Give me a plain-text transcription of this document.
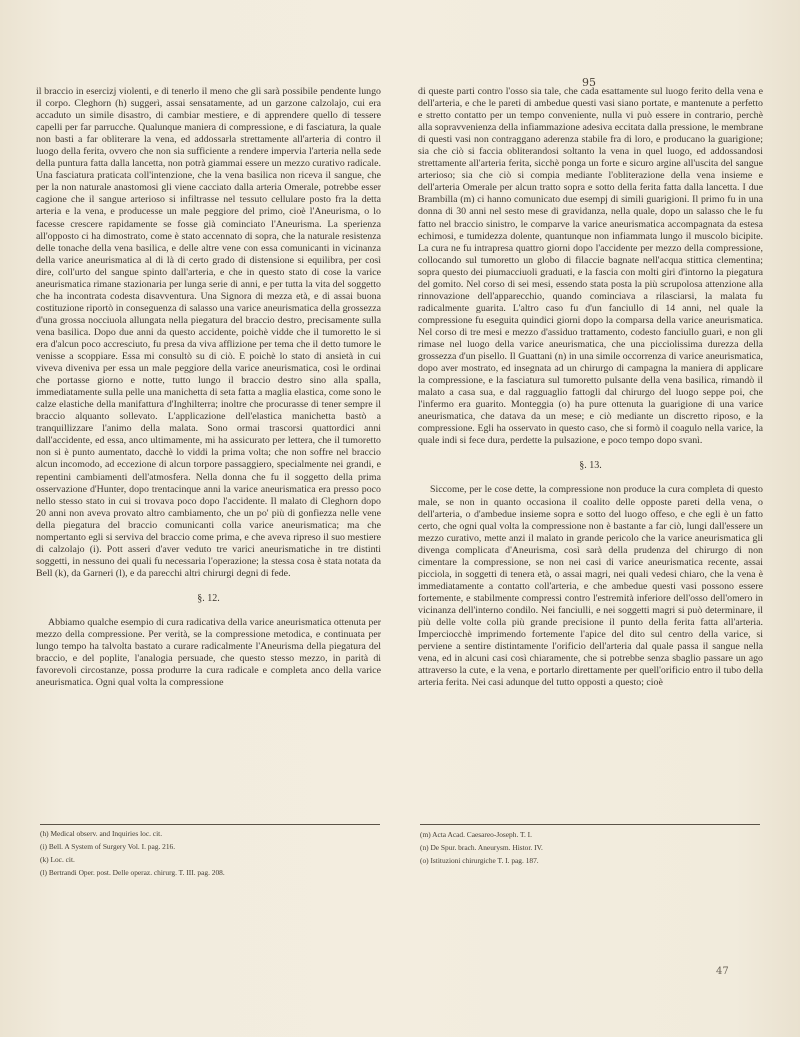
95

il braccio in esercizj violenti, e di tenerlo il meno che gli sarà possibile pendente lungo il corpo. Cleghorn (h) suggerì, assai sensatamente, ad un garzone calzolajo, cui era accaduto un simile disastro, di cambiar mestiere, e di apprendere quello di tessere capelli per far parrucche. Qualunque maniera di compressione, e di fasciatura, la quale non basti a far obliterare la vena, ed addossarla strettamente all'arteria di contro il luogo della ferita, ovvero che non sia sufficiente a rendere impervia l'arteria nella sede della puntura fatta dalla lancetta, non potrà giammai essere un mezzo curativo radicale. Una fasciatura praticata coll'intenzione, che la vena basilica non riceva il sangue, che per la non naturale anastomosi gli viene cacciato dalla arteria Omerale, potrebbe esser cagione che il sangue arterioso si infiltrasse nel tessuto cellulare posto fra la detta arteria e la vena, e producesse un male peggiore del primo, cioè l'Aneurisma, o lo facesse crescere rapidamente se fosse già cominciato l'Aneurisma. La sperienza all'opposto ci ha dimostrato, come è stato accennato di sopra, che la naturale resistenza delle tonache della vena basilica, e delle altre vene con essa comunicanti in vicinanza della varice aneurismatica al di là di certo grado di distensione si equilibra, per così dire, coll'urto del sangue spinto dall'arteria, e che in questo stato di cose la varice aneurismatica rimane stazionaria per lunga serie di anni, e per tutta la vita del soggetto che ha incontrata codesta disavventura. Una Signora di mezza età, e di assai buona costituzione riportò in conseguenza di salasso una varice aneurismatica della grossezza d'una grossa nocciuola allungata nella piegatura del braccio destro, precisamente sulla vena basilica. Dopo due anni da questo accidente, poichè vidde che il tumoretto le si era d'alcun poco accresciuto, fu presa da viva afflizione per tema che il detto tumore le venisse a scoppiare. Essa mi consultò su di ciò. E poichè lo stato di ansietà in cui viveva diveniva per essa un male peggiore della varice aneurismatica, così le ordinai che portasse giorno e notte, tutto lungo il braccio destro sino alla spalla, immediatamente sulla pelle una manichetta di seta fatta a maglia elastica, come sono le calze elastiche della manifattura d'Inghilterra; inoltre che procurasse di tener sempre il braccio alquanto sollevato. L'applicazione dell'elastica manichetta bastò a tranquillizzare l'animo della malata. Sono ormai trascorsi quattordici anni dall'accidente, ed essa, anco ultimamente, mi ha assicurato per lettera, che il tumoretto non si è punto aumentato, dacchè lo viddi la prima volta; che non soffre nel braccio alcun incomodo, ad eccezione di alcun torpore passaggiero, specialmente nei grandi, e repentini cambiamenti dell'atmosfera. Nella donna che fu il soggetto della prima osservazione d'Hunter, dopo trentacinque anni la varice aneurismatica era presso poco nello stesso stato in cui si trovava poco dopo l'accidente. Il malato di Cleghorn dopo 20 anni non aveva provato altro cambiamento, che un po' più di gonfiezza nelle vene della piegatura del braccio comunicanti colla varice aneurismatica; ma che nompertanto egli si serviva del braccio come prima, e che aveva ripreso il suo mestiere di calzolajo (i). Pott asseri d'aver veduto tre varici aneurismatiche in tre distinti soggetti, in nessuno dei quali fu necessaria l'operazione; la stessa cosa è stata notata da Bell (k), da Garneri (l), e da parecchi altri chirurgi degni di fede.

§. 12.

Abbiamo qualche esempio di cura radicativa della varice aneurismatica ottenuta per mezzo della compressione. Per verità, se la compressione metodica, e continuata per lungo tempo ha talvolta bastato a curare radicalmente l'Aneurisma della piegatura del braccio, e del poplite, l'analogia persuade, che questo stesso mezzo, in parità di favorevoli circostanze, possa produrre la cura radicale e completa anco della varice aneurismatica. Ogni qual volta la compressione

di queste parti contro l'osso sia tale, che cada esattamente sul luogo ferito della vena e dell'arteria, e che le pareti di ambedue questi vasi siano portate, e mantenute a perfetto e stretto contatto per un tempo conveniente, nulla vi può essere in contrario, perchè alla sopravvenienza della infiammazione adesiva eccitata dalla pressione, le membrane di questi vasi non contraggano aderenza stabile fra di loro, e producano la guarigione; sia che ciò si faccia obliterandosi soltanto la vena in quel luogo, ed addossandosi strettamente all'arteria ferita, sicchè ponga un forte e sicuro argine all'uscita del sangue arterioso; sia che ciò si compia mediante l'obliterazione della vena insieme e dell'arteria Omerale per alcun tratto sopra e sotto della ferita fatta dalla lancetta. I due Brambilla (m) ci hanno comunicato due esempj di simili guarigioni. Il primo fu in una donna di 30 anni nel sesto mese di gravidanza, nella quale, dopo un salasso che le fu fatto nel braccio sinistro, le comparve la varice aneurismatica accompagnata da estesa echimosi, e tumidezza dolente, quantunque non infiammata lungo il muscolo bicipite. La cura ne fu intrapresa quattro giorni dopo l'accidente per mezzo della compressione, collocando sul tumoretto un globo di filaccie bagnate nell'acqua stittica clementina; sopra questo dei piumacciuoli graduati, e la fascia con molti giri d'intorno la piegatura del gomito. Nel corso di sei mesi, essendo stata posta la più scrupolosa attenzione alla rinnovazione dell'apparecchio, quando cominciava a rilasciarsi, la malata fu radicalmente guarita. L'altro caso fu d'un fanciullo di 14 anni, nel quale la compressione fu eseguita quindici giorni dopo la comparsa della varice aneurismatica. Nel corso di tre mesi e mezzo d'assiduo trattamento, codesto fanciullo guarì, e non gli rimase nel luogo della varice aneurismatica, che una picciolissima durezza della grossezza d'un pisello. Il Guattani (n) in una simile occorrenza di varice aneurismatica, dopo aver mostrato, ed insegnata ad un chirurgo di campagna la maniera di applicare la compressione, e la fasciatura sul tumoretto pulsante della vena basilica, rimandò il malato a casa sua, e dal ragguaglio fattogli dal chirurgo del luogo seppe poi, che l'infermo era guarito. Monteggia (o) ha pure ottenuta la guarigione di una varice aneurismatica, che datava da un mese; e ciò mediante un discretto riposo, e la compressione. Egli ha osservato in questo caso, che si formò il coagulo nella varice, la quale indi si fece dura, perdette la pulsazione, e poco tempo dopo svanì.

§. 13.

Siccome, per le cose dette, la compressione non produce la cura completa di questo male, se non in quanto occasiona il coalito delle opposte pareti della vena, o dell'arteria, o d'ambedue insieme sopra e sotto del luogo offeso, e che egli è un fatto certo, che ogni qual volta la compressione non è bastante a far ciò, lungi dall'essere un mezzo curativo, mette anzi il malato in grande pericolo che la varice aneurismatica gli divenga complicata d'Aneurisma, così sarà della prudenza del chirurgo di non cimentare la compressione, se non nei casi di varice aneurismatica recente, assai picciola, in soggetti di tenera età, o assai magri, nei quali vedesi chiaro, che la vena è immediatamente a contatto coll'arteria, e che ambedue questi vasi possono essere fortemente, e stabilmente compressi contro l'estremità inferiore dell'osso dell'omero in vicinanza dell'interno condilo. Nei fanciulli, e nei soggetti magri si può determinare, il più delle volte colla più grande precisione il punto della ferita fatta all'arteria. Imperciocchè imprimendo fortemente l'apice del dito sul centro della varice, si perviene a sentire distintamente l'orificio dell'arteria dal quale passa il sangue nella vena, ed in alcuni casi così chiaramente, che si potrebbe senza sbaglio passare un ago attraverso la cute, e la vena, e portarlo direttamente per quell'orificio entro il tubo della arteria ferita. Nei casi adunque del tutto opposti a questo; cioè

(h) Medical observ. and Inquiries loc. cit.
(i) Bell. A System of Surgery Vol. I. pag. 216.
(k) Loc. cit.
(l) Bertrandi Oper. post. Delle operaz. chirurg. T. III. pag. 208.
(m) Acta Acad. Caesareo-Joseph. T. I.
(n) De Spur. brach. Aneurysm. Histor. IV.
(o) Istituzioni chirurgiche T. I. pag. 187.
47
